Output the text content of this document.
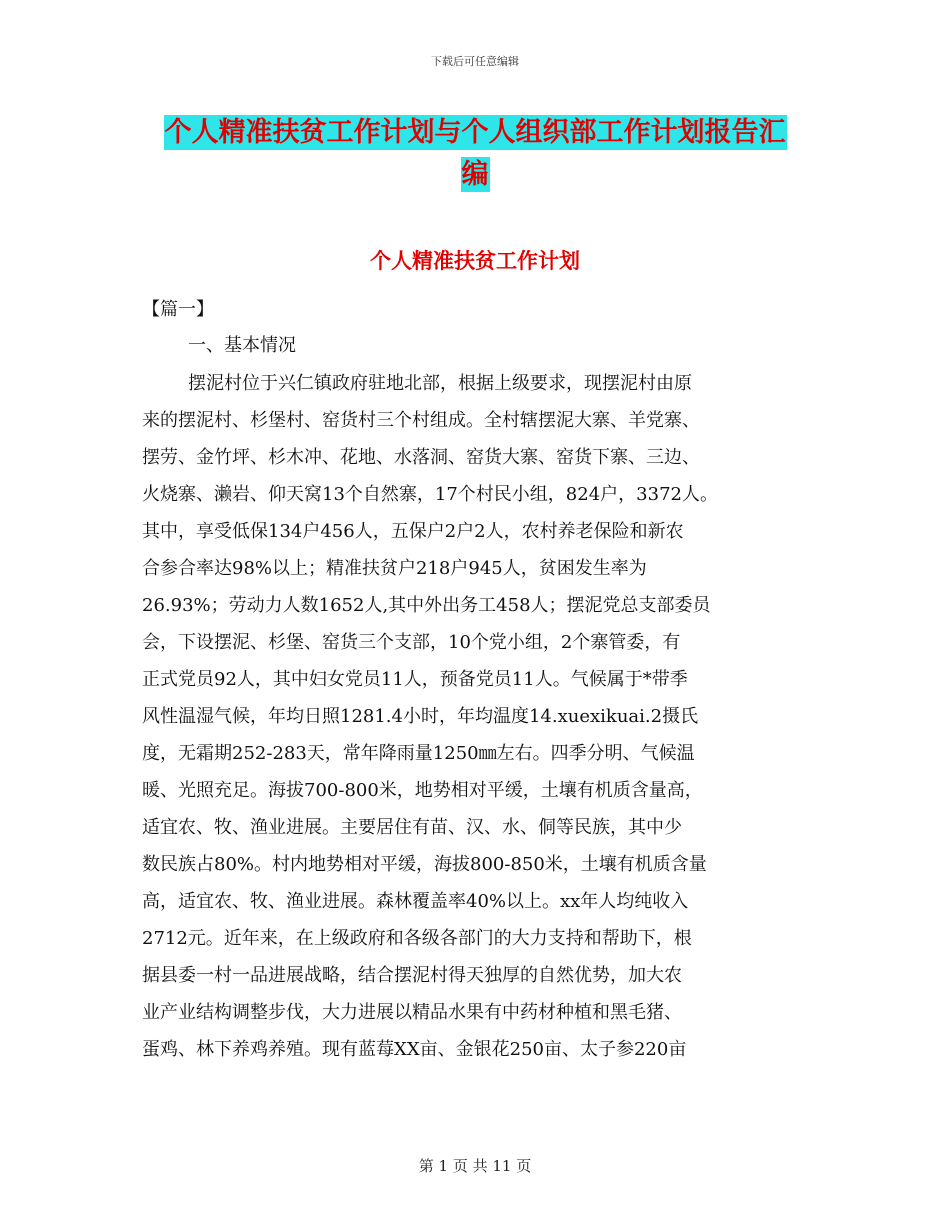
下载后可任意编辑
个人精准扶贫工作计划与个人组织部工作计划报告汇
编
个人精准扶贫工作计划
【篇一】
一、基本情况
摆泥村位于兴仁镇政府驻地北部，根据上级要求，现摆泥村由原
来的摆泥村、杉堡村、窑货村三个村组成。全村辖摆泥大寨、羊党寨、
摆劳、金竹坪、杉木冲、花地、水落洞、窑货大寨、窑货下寨、三边、
火烧寨、濑岩、仰天窝13个自然寨，17个村民小组，824户，3372人。
其中，享受低保134户456人，五保户2户2人，农村养老保险和新农
合参合率达98%以上；精准扶贫户218户945人，贫困发生率为
26.93%；劳动力人数1652人,其中外出务工458人；摆泥党总支部委员
会，下设摆泥、杉堡、窑货三个支部，10个党小组，2个寨管委，有
正式党员92人，其中妇女党员11人，预备党员11人。气候属于*带季
风性温湿气候，年均日照1281.4小时，年均温度14.xuexikuai.2摄氏
度，无霜期252-283天，常年降雨量1250㎜左右。四季分明、气候温
暖、光照充足。海拔700-800米，地势相对平缓，土壤有机质含量高，
适宜农、牧、渔业进展。主要居住有苗、汉、水、侗等民族，其中少
数民族占80%。村内地势相对平缓，海拔800-850米，土壤有机质含量
高，适宜农、牧、渔业进展。森林覆盖率40%以上。xx年人均纯收入
2712元。近年来，在上级政府和各级各部门的大力支持和帮助下，根
据县委一村一品进展战略，结合摆泥村得天独厚的自然优势，加大农
业产业结构调整步伐，大力进展以精品水果有中药材种植和黑毛猪、
蛋鸡、林下养鸡养殖。现有蓝莓XX亩、金银花250亩、太子参220亩
第 1 页 共 11 页
